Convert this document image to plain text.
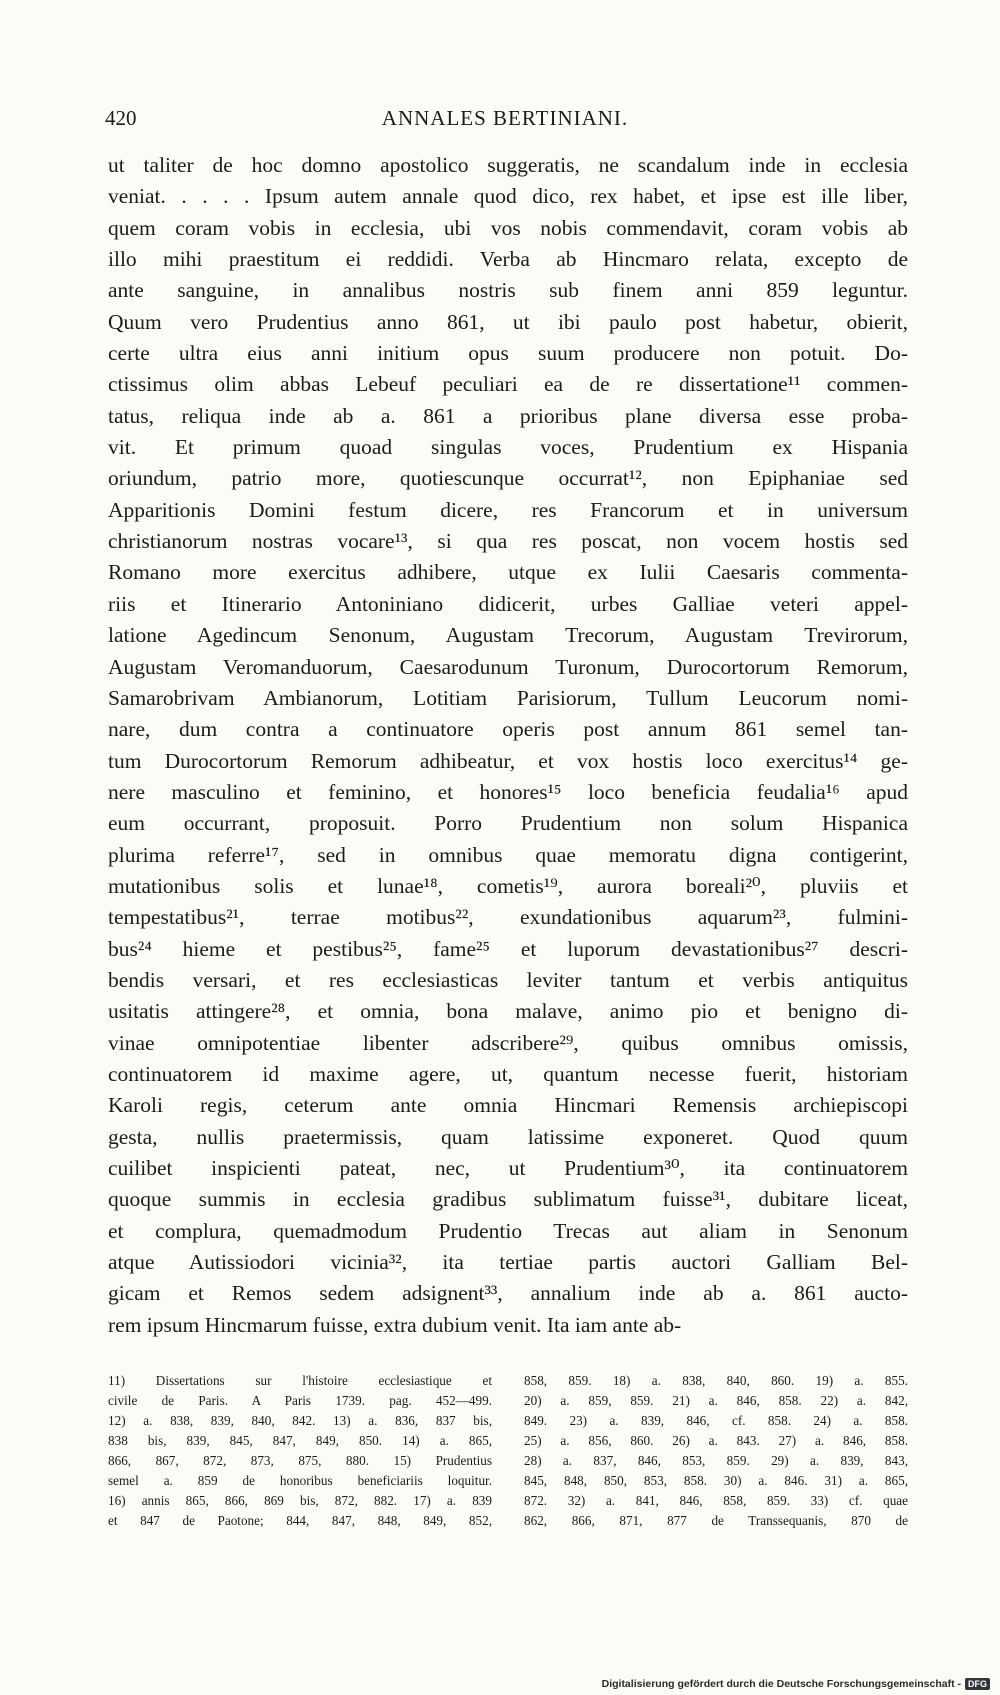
420	ANNALES BERTINIANI.
ut taliter de hoc domno apostolico suggeratis, ne scandalum inde in ecclesia
veniat. . . . . Ipsum autem annale quod dico, rex habet, et ipse est ille liber,
quem coram vobis in ecclesia, ubi vos nobis commendavit, coram vobis ab
illo mihi praestitum ei reddidi. Verba ab Hincmaro relata, excepto de
ante sanguine, in annalibus nostris sub finem anni 859 leguntur.
Quum vero Prudentius anno 861, ut ibi paulo post habetur, obierit,
certe ultra eius anni initium opus suum producere non potuit. Do-
ctissimus olim abbas Lebeuf peculiari ea de re dissertatione¹¹ commen-
tatus, reliqua inde ab a. 861 a prioribus plane diversa esse proba-
vit. Et primum quoad singulas voces, Prudentium ex Hispania
oriundum, patrio more, quotiescunque occurrat¹², non Epiphaniae sed
Apparitionis Domini festum dicere, res Francorum et in universum
christianorum nostras vocare¹³, si qua res poscat, non vocem hostis sed
Romano more exercitus adhibere, utque ex Iulii Caesaris commenta-
riis et Itinerario Antoniniano didicerit, urbes Galliae veteri appel-
latione Agedincum Senonum, Augustam Trecorum, Augustam Trevirorum,
Augustam Veromanduorum, Caesarodunum Turonum, Durocortorum Remorum,
Samarobrivam Ambianorum, Lotitiam Parisiorum, Tullum Leucorum nomi-
nare, dum contra a continuatore operis post annum 861 semel tan-
tum Durocortorum Remorum adhibeatur, et vox hostis loco exercitus¹⁴ ge-
nere masculino et feminino, et honores¹⁵ loco beneficia feudalia¹⁶ apud
eum occurrant, proposuit. Porro Prudentium non solum Hispanica
plurima referre¹⁷, sed in omnibus quae memoratu digna contigerint,
mutationibus solis et lunae¹⁸, cometis¹⁹, aurora boreali²⁰, pluviis et
tempestatibus²¹, terrae motibus²², exundationibus aquarum²³, fulmini-
bus²⁴ hieme et pestibus²⁵, fame²⁵ et luporum devastationibus²⁷ descri-
bendis versari, et res ecclesiasticas leviter tantum et verbis antiquitus
usitatis attingere²⁸, et omnia, bona malave, animo pio et benigno di-
vinae omnipotentiae libenter adscribere²⁹, quibus omnibus omissis,
continuatorem id maxime agere, ut, quantum necesse fuerit, historiam
Karoli regis, ceterum ante omnia Hincmari Remensis archiepiscopi
gesta, nullis praetermissis, quam latissime exponeret. Quod quum
cuilibet inspicienti pateat, nec, ut Prudentium³⁰, ita continuatorem
quoque summis in ecclesia gradibus sublimatum fuisse³¹, dubitare liceat,
et complura, quemadmodum Prudentio Trecas aut aliam in Senonum
atque Autissiodori vicinia³², ita tertiae partis auctori Galliam Bel-
gicam et Remos sedem adsignent³³, annalium inde ab a. 861 aucto-
rem ipsum Hincmarum fuisse, extra dubium venit. Ita iam ante ab-
11) Dissertations sur l'histoire ecclesiastique et
civile de Paris. A Paris 1739. pag. 452—499.
12) a. 838, 839, 840, 842. 13) a. 836, 837 bis,
838 bis, 839, 845, 847, 849, 850. 14) a. 865,
866, 867, 872, 873, 875, 880. 15) Prudentius
semel a. 859 de honoribus beneficiariis loquitur.
16) annis 865, 866, 869 bis, 872, 882. 17) a. 839
et 847 de Paotone; 844, 847, 848, 849, 852,
858, 859. 18) a. 838, 840, 860. 19) a. 855.
20) a. 859, 859. 21) a. 846, 858. 22) a. 842,
849. 23) a. 839, 846, cf. 858. 24) a. 858.
25) a. 856, 860. 26) a. 843. 27) a. 846, 858.
28) a. 837, 846, 853, 859. 29) a. 839, 843,
845, 848, 850, 853, 858. 30) a. 846. 31) a. 865,
872. 32) a. 841, 846, 858, 859. 33) cf. quae
862, 866, 871, 877 de Transsequanis, 870 de
Digitalisierung gefördert durch die Deutsche Forschungsgemeinschaft - DFG
